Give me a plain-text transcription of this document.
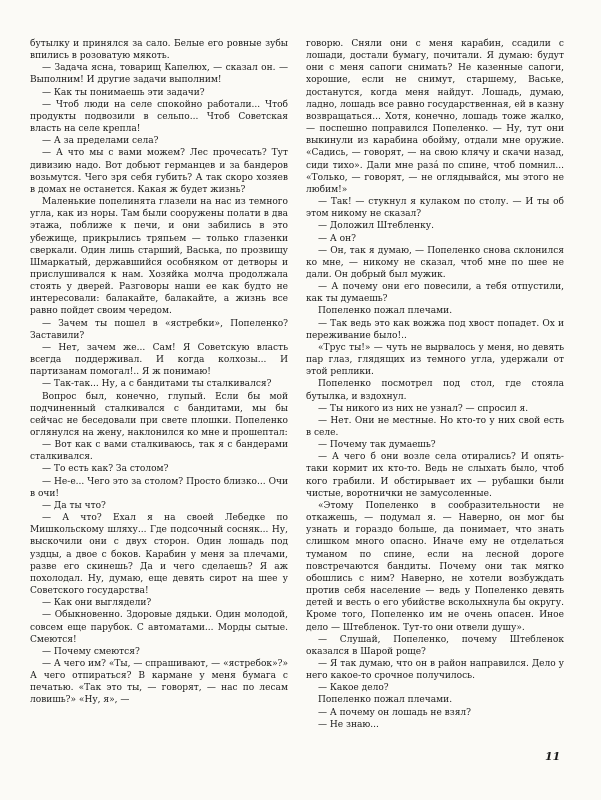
бутылку и принялся за сало. Белые его ровные зубы впились в розоватую мякоть.

— Задача ясна, товарищ Капелюх, — сказал он. — Выполним! И другие задачи выполним!

— Как ты понимаешь эти задачи?

— Чтоб люди на селе спокойно работали... Чтоб продукты подвозили в сельпо... Чтоб Советская власть на селе крепла!

— А за пределами села?

— А что мы с вами можем? Лес прочесать? Тут дивизию надо. Вот добьют германцев и за бандеров возьмутся. Чего зря себя губить? А так скоро хозяев в домах не останется. Какая ж будет жизнь?

Маленькие попелинята глазели на нас из темного угла, как из норы. Там были сооружены полати в два этажа, поближе к печи, и они забились в это убежище, прикрылись тряпьем — только глазенки сверкали. Один лишь старший, Васька, по прозвищу Шмаркатый, державшийся особняком от детворы и прислушивался к нам. Хозяйка молча продолжала стоять у дверей. Разговоры наши ее как будто не интересовали: балакайте, балакайте, а жизнь все равно пойдет своим чередом.

— Зачем ты пошел в «ястребки», Попеленко? Заставили?

— Нет, зачем же... Сам! Я Советскую власть всегда поддерживал. И когда колхозы... И партизанам помогал!.. Я ж понимаю!

— Так-так... Ну, а с бандитами ты сталкивался?

Вопрос был, конечно, глупый. Если бы мой подчиненный сталкивался с бандитами, мы бы сейчас не беседовали при свете плошки. Попеленко оглянулся на жену, наклонился ко мне и прошептал:

— Вот как с вами сталкиваюсь, так я с бандерами сталкивался.

— То есть как? За столом?

— Не-е... Чего это за столом? Просто близко... Очи в очи!

— Да ты что?

— А что? Ехал я на своей Лебедке по Мишкольскому шляху... Где подсочный сосняк... Ну, выскочили они с двух сторон. Один лошадь под уздцы, а двое с боков. Карабин у меня за плечами, разве его скинешь? Да и чего сделаешь? Я аж похолодал. Ну, думаю, еще девять сирот на шее у Советского государства!

— Как они выглядели?

— Обыкновенно. Здоровые дядьки. Один молодой, совсем еще парубок. С автоматами... Морды сытые. Смеются!

— Почему смеются?

— А чего им? «Ты, — спрашивают, — «ястребок»?» А чего отпираться? В кармане у меня бумага с печатью. «Так это ты, — говорят, — нас по лесам ловишь?» «Ну, я», —

говорю. Сняли они с меня карабин, ссадили с лошади, достали бумагу, почитали. Я думаю: будут они с меня сапоги снимать? Не казенные сапоги, хорошие, если не снимут, старшему, Ваське, достанутся, когда меня найдут. Лошадь, думаю, ладно, лошадь все равно государственная, ей в казну возвращаться... Хотя, конечно, лошадь тоже жалко, — поспешно поправился Попеленко. — Ну, тут они выкинули из карабина обойму, отдали мне оружие. «Садись, — говорят, — на свою клячу и скачи назад, сиди тихо». Дали мне разá по спине, чтоб помнил... «Только, — говорят, — не оглядывайся, мы этого не любим!»

— Так! — стукнул я кулаком по столу. — И ты об этом никому не сказал?

— Доложил Штебленку.

— А он?

— Он, так я думаю, — Попеленко снова склонился ко мне, — никому не сказал, чтоб мне по шее не дали. Он добрый был мужик.

— А почему они его повесили, а тебя отпустили, как ты думаешь?

Попеленко пожал плечами.

— Так ведь это как вожжа под хвост попадет. Ох и переживание было!..

«Трус ты!» — чуть не вырвалось у меня, но девять пар глаз, глядящих из темного угла, удержали от этой реплики.

Попеленко посмотрел под стол, где стояла бутылка, и вздохнул.

— Ты никого из них не узнал? — спросил я.

— Нет. Они не местные. Но кто-то у них свой есть в селе.

— Почему так думаешь?

— А чего б они возле села отирались? И опять-таки кормит их кто-то. Ведь не слыхать было, чтоб кого грабили. И обстирывает их — рубашки были чистые, воротнички не замусоленные.

«Этому Попеленко в сообразительности не откажешь, — подумал я. — Наверно, он мог бы узнать и гораздо больше, да понимает, что знать слишком много опасно. Иначе ему не отделаться туманом по спине, если на лесной дороге повстречаются бандиты. Почему они так мягко обошлись с ним? Наверно, не хотели возбуждать против себя население — ведь у Попеленко девять детей и весть о его убийстве всколыхнула бы округу. Кроме того, Попеленко им не очень опасен. Иное дело — Штебленок. Тут-то они отвели душу».

— Слушай, Попеленко, почему Штебленок оказался в Шарой роще?

— Я так думаю, что он в район направился. Дело у него какое-то срочное получилось.

— Какое дело?

Попеленко пожал плечами.

— А почему он лошадь не взял?

— Не знаю...

11
